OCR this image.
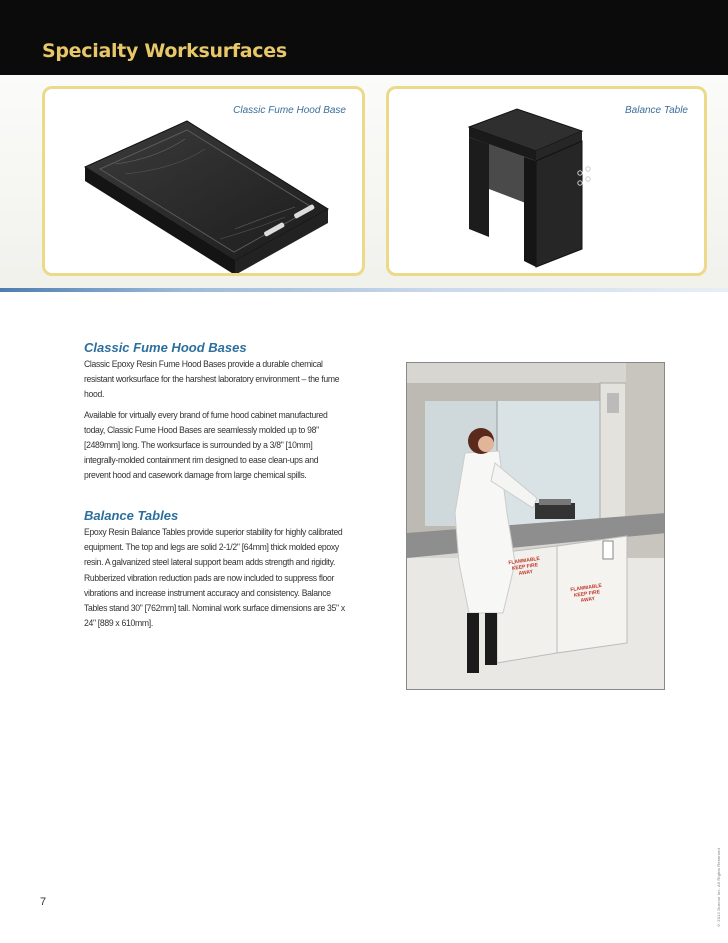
Specialty Worksurfaces
Classic Fume Hood Base	Balance Table
Classic Fume Hood Bases

Classic Epoxy Resin Fume Hood Bases provide a durable chemical resistant worksurface for the harshest laboratory environment – the fume hood.

Available for virtually every brand of fume hood cabinet manufactured today, Classic Fume Hood Bases are seamlessly molded up to 98" [2489mm] long. The worksurface is surrounded by a 3/8" [10mm] integrally-molded containment rim designed to ease clean-ups and prevent hood and casework damage from large chemical spills.

Balance Tables

Epoxy Resin Balance Tables provide superior stability for highly calibrated equipment. The top and legs are solid 2-1/2" [64mm] thick molded epoxy resin. A galvanized steel lateral support beam adds strength and rigidity. Rubberized vibration reduction pads are now included to suppress floor vibrations and increase instrument accuracy and consistency. Balance Tables stand 30" [762mm] tall. Nominal work surface dimensions are 35" x 24" [889 x 610mm].

FLAMMABLE KEEP FIRE AWAY
FLAMMABLE KEEP FIRE AWAY
7	© 2012 Durcon Inc. All Rights Reserved
